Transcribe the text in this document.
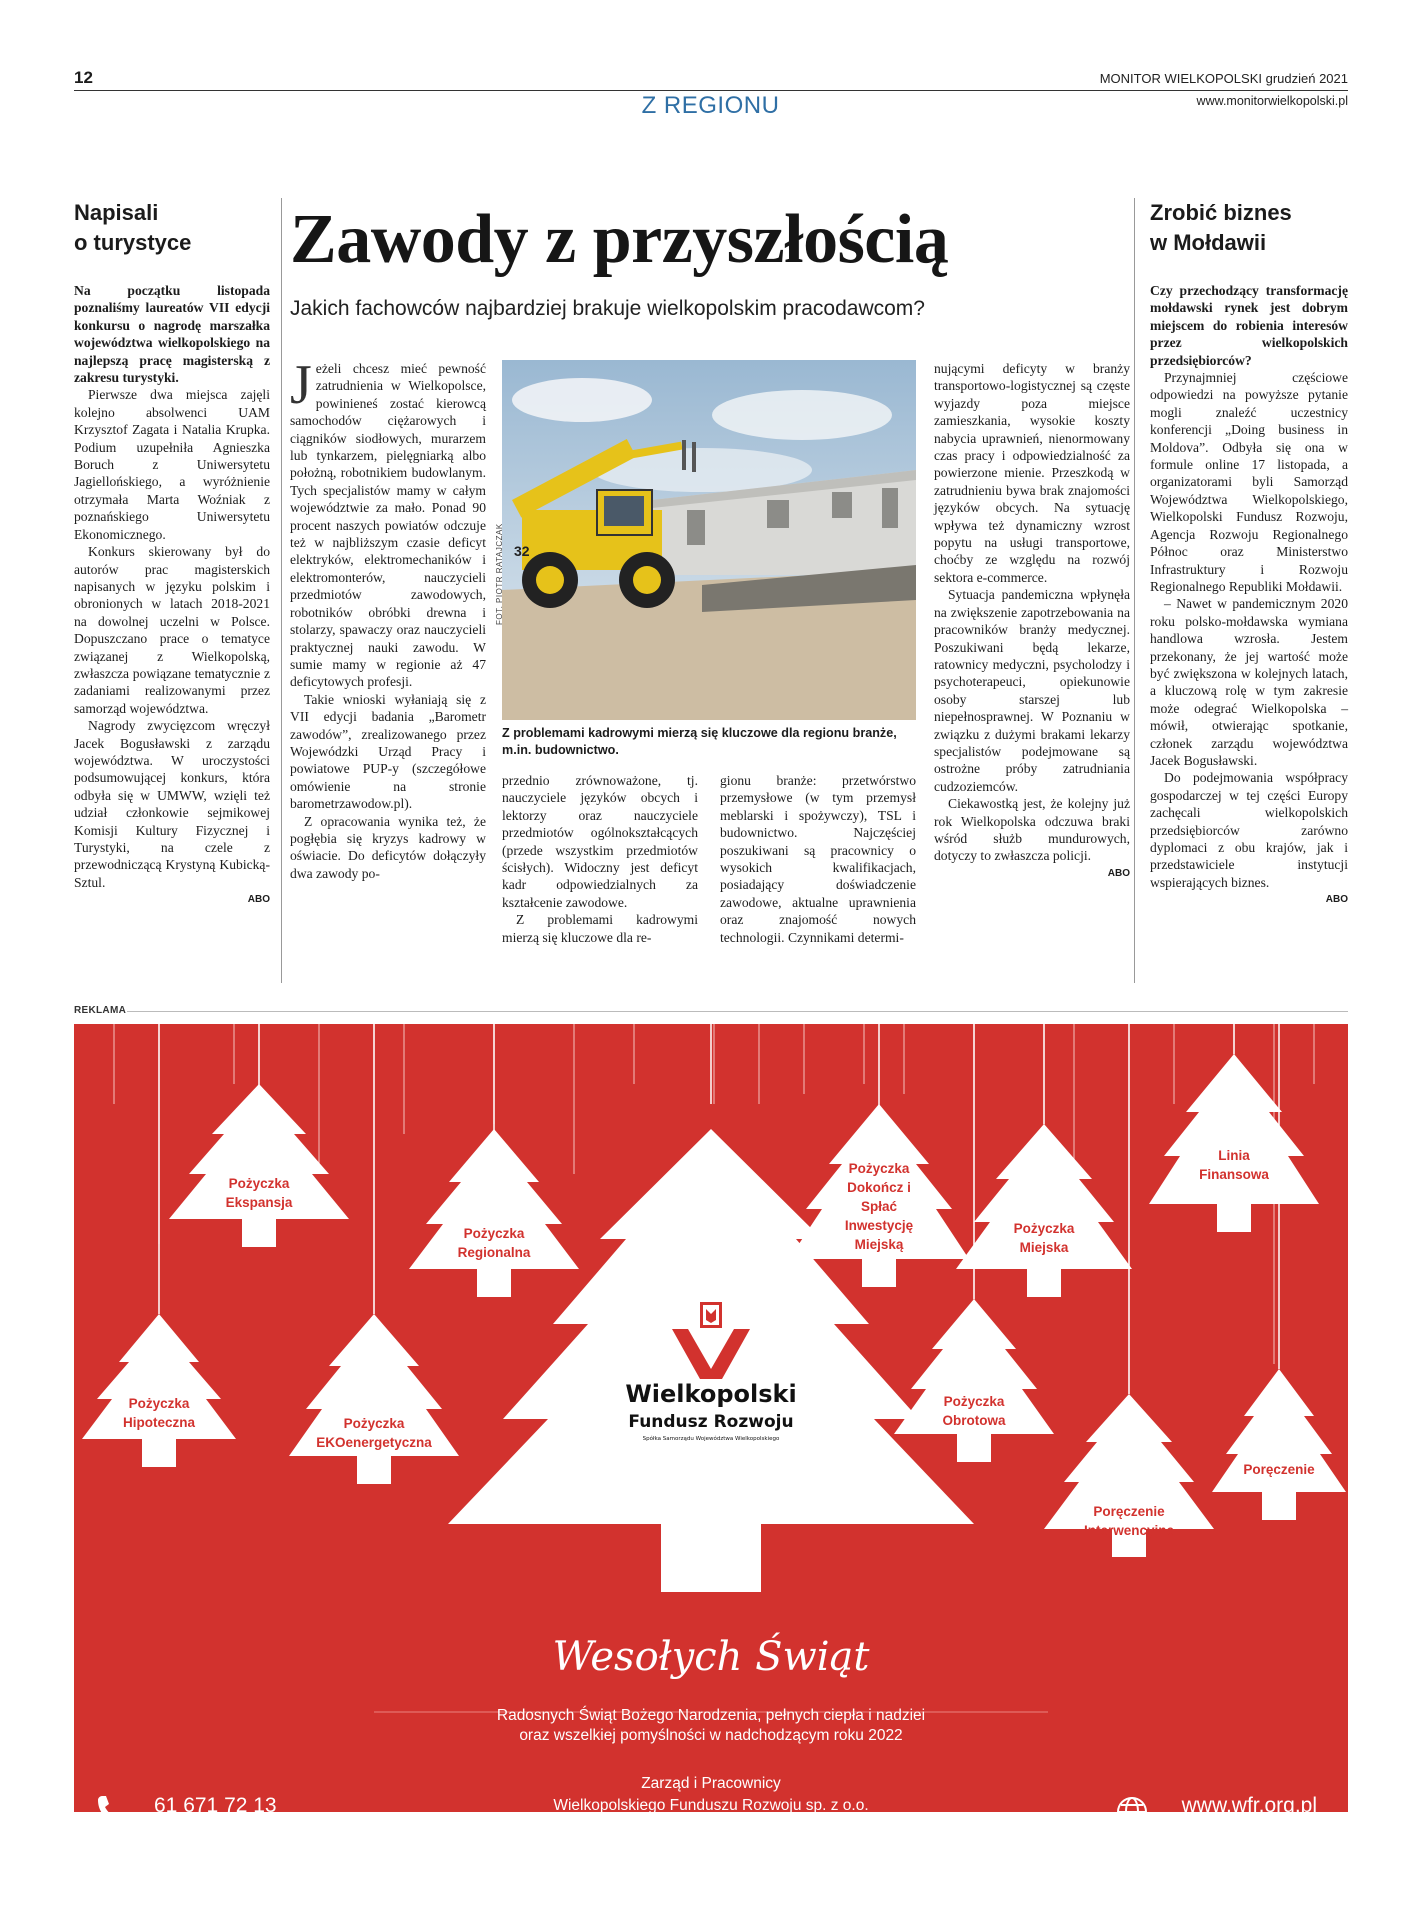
12	MONITOR WIELKOPOLSKI grudzień 2021
www.monitorwielkopolski.pl
Z REGIONU
Napisali
o turystyce
Na początku listopada poznaliśmy laureatów VII edycji konkursu o nagrodę marszałka województwa wielkopolskiego na najlepszą pracę magisterską z zakresu turystyki.

Pierwsze dwa miejsca zajęli kolejno absolwenci UAM Krzysztof Zagata i Natalia Krupka. Podium uzupełniła Agnieszka Boruch z Uniwersytetu Jagiellońskiego, a wyróżnienie otrzymała Marta Woźniak z poznańskiego Uniwersytetu Ekonomicznego.

Konkurs skierowany był do autorów prac magisterskich napisanych w języku polskim i obronionych w latach 2018-2021 na dowolnej uczelni w Polsce. Dopuszczano prace o tematyce związanej z Wielkopolską, zwłaszcza powiązane tematycznie z zadaniami realizowanymi przez samorząd województwa.

Nagrody zwycięzcom wręczył Jacek Bogusławski z zarządu województwa. W uroczystości podsumowującej konkurs, która odbyła się w UMWW, wzięli też udział członkowie sejmikowej Komisji Kultury Fizycznej i Turystyki, na czele z przewodniczącą Krystyną Kubicką-Sztul.

ABO
Zawody z przyszłością
Jakich fachowców najbardziej brakuje wielkopolskim pracodawcom?
J eżeli chcesz mieć pewność zatrudnienia w Wielkopolsce, powinieneś zostać kierowcą samochodów ciężarowych i ciągników siodłowych, murarzem lub tynkarzem, pielęgniarką albo położną, robotnikiem budowlanym. Tych specjalistów mamy w całym województwie za mało. Ponad 90 procent naszych powiatów odczuje też w najbliższym czasie deficyt elektryków, elektromechaników i elektromonterów, nauczycieli przedmiotów zawodowych, robotników obróbki drewna i stolarzy, spawaczy oraz nauczycieli praktycznej nauki zawodu. W sumie mamy w regionie aż 47 deficytowych profesji.

Takie wnioski wyłaniają się z VII edycji badania „Barometr zawodów”, zrealizowanego przez Wojewódzki Urząd Pracy i powiatowe PUP-y (szczegółowe omówienie na stronie barometrzawodow.pl).

Z opracowania wynika też, że pogłębia się kryzys kadrowy w oświacie. Do deficytów dołączyły dwa zawody po-

32
FOT. PIOTR RATAJCZAK
Z problemami kadrowymi mierzą się kluczowe dla regionu branże, m.in. budownictwo.

przednio zrównoważone, tj. nauczyciele języków obcych i lektorzy oraz nauczyciele przedmiotów ogólnokształcących (przede wszystkim przedmiotów ścisłych). Widoczny jest deficyt kadr odpowiedzialnych za kształcenie zawodowe.

Z problemami kadrowymi mierzą się kluczowe dla re-

gionu branże: przetwórstwo przemysłowe (w tym przemysł meblarski i spożywczy), TSL i budownictwo. Najczęściej poszukiwani są pracownicy o wysokich kwalifikacjach, posiadający doświadczenie zawodowe, aktualne uprawnienia oraz znajomość nowych technologii. Czynnikami determi-

nującymi deficyty w branży transportowo-logistycznej są częste wyjazdy poza miejsce zamieszkania, wysokie koszty nabycia uprawnień, nienormowany czas pracy i odpowiedzialność za powierzone mienie. Przeszkodą w zatrudnieniu bywa brak znajomości języków obcych. Na sytuację wpływa też dynamiczny wzrost popytu na usługi transportowe, choćby ze względu na rozwój sektora e-commerce.

Sytuacja pandemiczna wpłynęła na zwiększenie zapotrzebowania na pracowników branży medycznej. Poszukiwani będą lekarze, ratownicy medyczni, psycholodzy i psychoterapeuci, opiekunowie osoby starszej lub niepełnosprawnej. W Poznaniu w związku z dużymi brakami lekarzy specjalistów podejmowane są ostrożne próby zatrudniania cudzoziemców.

Ciekawostką jest, że kolejny już rok Wielkopolska odczuwa braki wśród służb mundurowych, dotyczy to zwłaszcza policji.

ABO
Zrobić biznes
w Mołdawii
Czy przechodzący transformację mołdawski rynek jest dobrym miejscem do robienia interesów przez wielkopolskich przedsiębiorców?

Przynajmniej częściowe odpowiedzi na powyższe pytanie mogli znaleźć uczestnicy konferencji „Doing business in Moldova”. Odbyła się ona w formule online 17 listopada, a organizatorami byli Samorząd Województwa Wielkopolskiego, Wielkopolski Fundusz Rozwoju, Agencja Rozwoju Regionalnego Północ oraz Ministerstwo Infrastruktury i Rozwoju Regionalnego Republiki Mołdawii.

– Nawet w pandemicznym 2020 roku polsko-mołdawska wymiana handlowa wzrosła. Jestem przekonany, że jej wartość może być zwiększona w kolejnych latach, a kluczową rolę w tym zakresie może odegrać Wielkopolska – mówił, otwierając spotkanie, członek zarządu województwa Jacek Bogusławski.

Do podejmowania współpracy gospodarczej w tej części Europy zachęcali wielkopolskich przedsiębiorców zarówno dyplomaci z obu krajów, jak i przedstawiciele instytucji wspierających biznes.

ABO
REKLAMA
Pożyczka
Ekspansja
Pożyczka
Regionalna
Pożyczka
Hipoteczna	Pożyczka
EKOenergetyczna
Pożyczka
Dokończ i
Spłać
Inwestycję
Miejską
Pożyczka
Miejska
Linia
Finansowa
Pożyczka
Obrotowa
Poręczenie
Interwencyjne
Poręczenie
Wielkopolski
Fundusz Rozwoju
Spółka Samorządu Województwa Wielkopolskiego
Wesołych Świąt
Radosnych Świąt Bożego Narodzenia, pełnych ciepła i nadziei
oraz wszelkiej pomyślności w nadchodzącym roku 2022
Zarząd i Pracownicy
Wielkopolskiego Funduszu Rozwoju sp. z o.o.
61 671 72 13	www.wfr.org.pl
